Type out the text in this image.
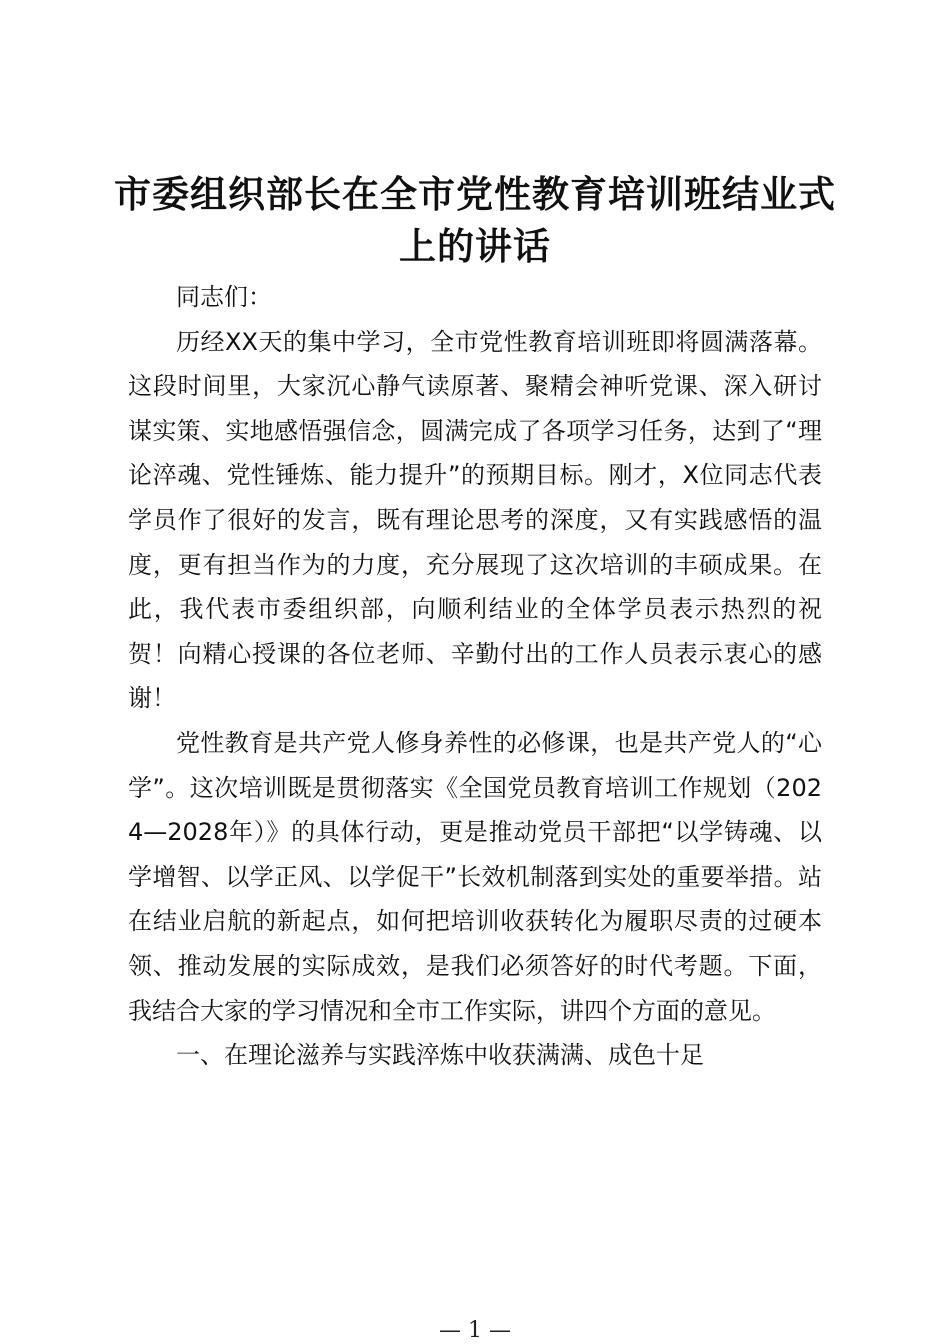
市委组织部长在全市党性教育培训班结业式上的讲话

同志们：

历经XX天的集中学习，全市党性教育培训班即将圆满落幕。这段时间里，大家沉心静气读原著、聚精会神听党课、深入研讨谋实策、实地感悟强信念，圆满完成了各项学习任务，达到了“理论淬魂、党性锤炼、能力提升”的预期目标。刚才，X位同志代表学员作了很好的发言，既有理论思考的深度，又有实践感悟的温度，更有担当作为的力度，充分展现了这次培训的丰硕成果。在此，我代表市委组织部，向顺利结业的全体学员表示热烈的祝贺！向精心授课的各位老师、辛勤付出的工作人员表示衷心的感谢！

党性教育是共产党人修身养性的必修课，也是共产党人的“心学”。这次培训既是贯彻落实《全国党员教育培训工作规划（2024—2028年）》的具体行动，更是推动党员干部把“以学铸魂、以学增智、以学正风、以学促干”长效机制落到实处的重要举措。站在结业启航的新起点，如何把培训收获转化为履职尽责的过硬本领、推动发展的实际成效，是我们必须答好的时代考题。下面，我结合大家的学习情况和全市工作实际，讲四个方面的意见。

一、在理论滋养与实践淬炼中收获满满、成色十足

— 1 —
